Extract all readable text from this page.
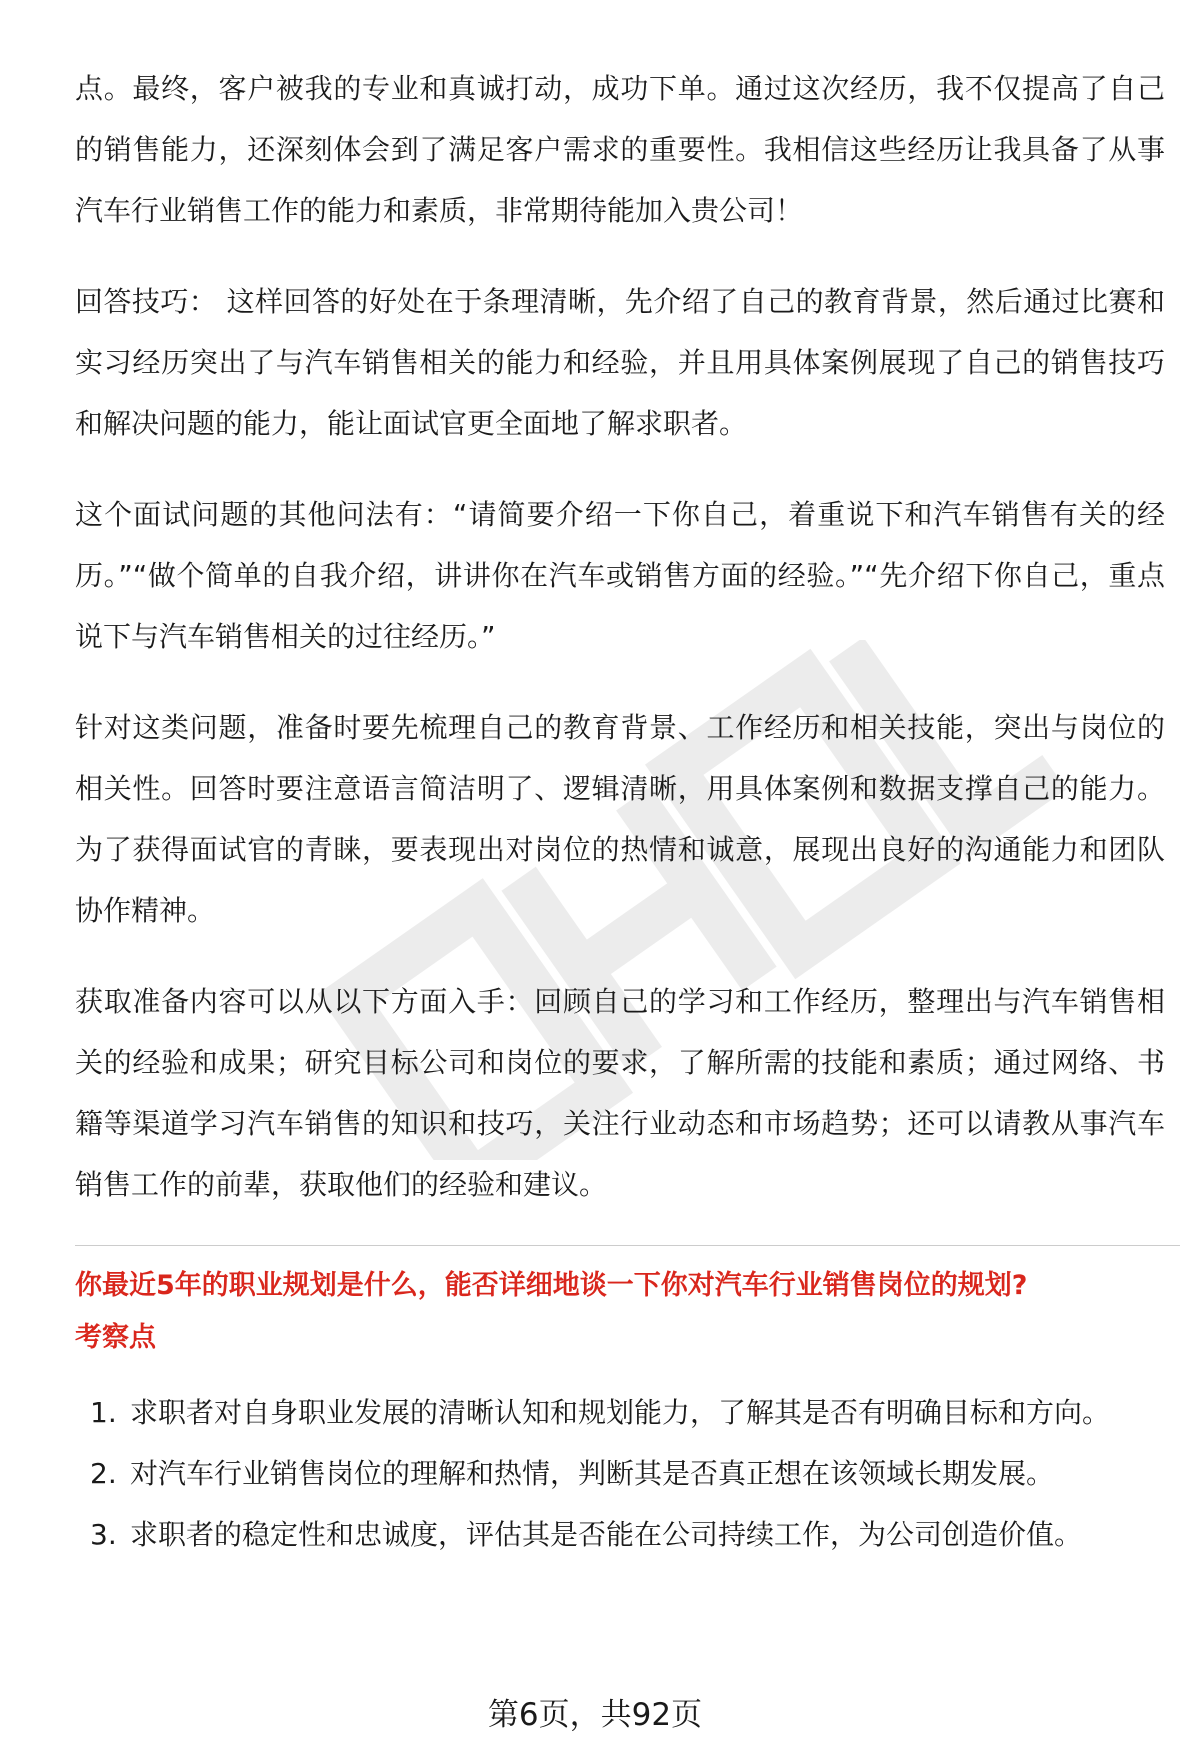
点。最终，客户被我的专业和真诚打动，成功下单。通过这次经历，我不仅提高了自己的销售能力，还深刻体会到了满足客户需求的重要性。我相信这些经历让我具备了从事汽车行业销售工作的能力和素质，非常期待能加入贵公司！

回答技巧： 这样回答的好处在于条理清晰，先介绍了自己的教育背景，然后通过比赛和实习经历突出了与汽车销售相关的能力和经验，并且用具体案例展现了自己的销售技巧和解决问题的能力，能让面试官更全面地了解求职者。

这个面试问题的其他问法有：“请简要介绍一下你自己，着重说下和汽车销售有关的经历。”“做个简单的自我介绍，讲讲你在汽车或销售方面的经验。”“先介绍下你自己，重点说下与汽车销售相关的过往经历。”

针对这类问题，准备时要先梳理自己的教育背景、工作经历和相关技能，突出与岗位的相关性。回答时要注意语言简洁明了、逻辑清晰，用具体案例和数据支撑自己的能力。为了获得面试官的青睐，要表现出对岗位的热情和诚意，展现出良好的沟通能力和团队协作精神。

获取准备内容可以从以下方面入手：回顾自己的学习和工作经历，整理出与汽车销售相关的经验和成果；研究目标公司和岗位的要求，了解所需的技能和素质；通过网络、书籍等渠道学习汽车销售的知识和技巧，关注行业动态和市场趋势；还可以请教从事汽车销售工作的前辈，获取他们的经验和建议。

你最近5年的职业规划是什么，能否详细地谈一下你对汽车行业销售岗位的规划?

考察点

1. 求职者对自身职业发展的清晰认知和规划能力，了解其是否有明确目标和方向。
2. 对汽车行业销售岗位的理解和热情，判断其是否真正想在该领域长期发展。
3. 求职者的稳定性和忠诚度，评估其是否能在公司持续工作，为公司创造价值。
第6页，共92页
